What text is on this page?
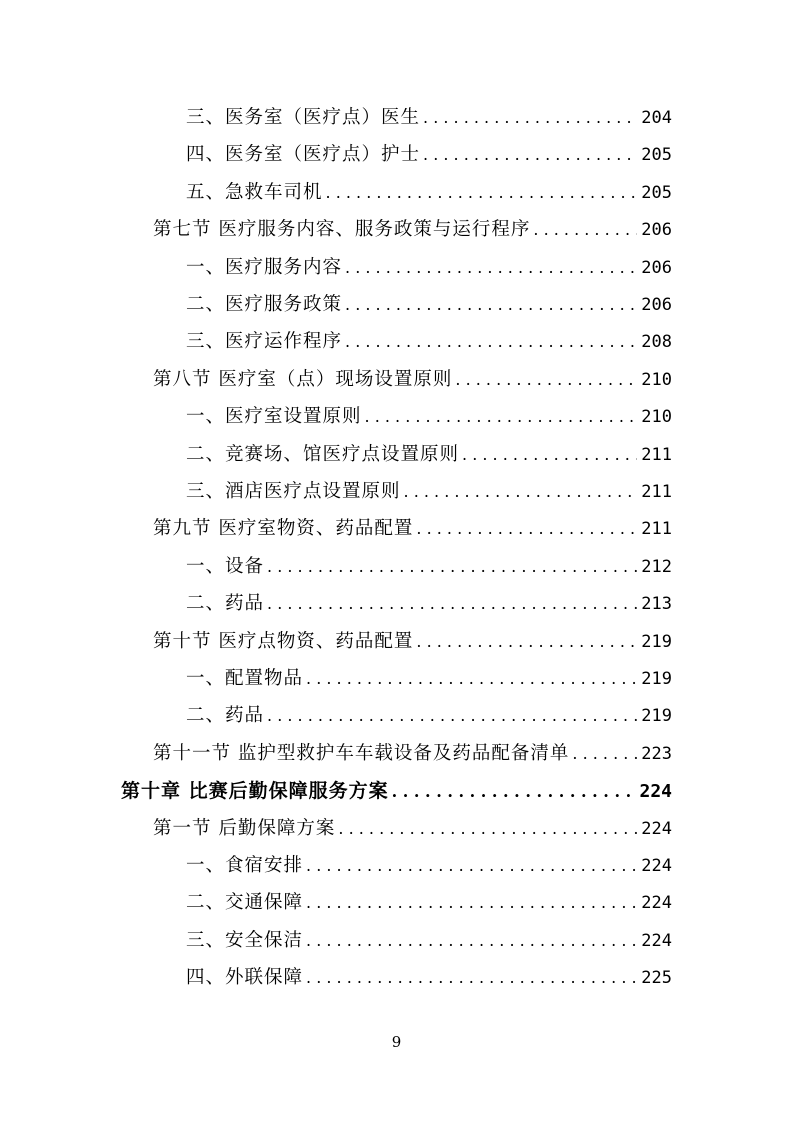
三、医务室（医疗点）医生 . . .	204
四、医务室（医疗点）护士 . . .	205
五、急救车司机 . . .	205
第七节 医疗服务内容、服务政策与运行程序 . . .	206
一、医疗服务内容 . . .	206
二、医疗服务政策 . . .	206
三、医疗运作程序 . . .	208
第八节 医疗室（点）现场设置原则 . . .	210
一、医疗室设置原则 . . .	210
二、竞赛场、馆医疗点设置原则 . . .	211
三、酒店医疗点设置原则 . . .	211
第九节 医疗室物资、药品配置 . . .	211
一、设备 . . .	212
二、药品 . . .	213
第十节 医疗点物资、药品配置 . . .	219
一、配置物品 . . .	219
二、药品 . . .	219
第十一节 监护型救护车车载设备及药品配备清单 . . .	223
第十章 比赛后勤保障服务方案 . . .	224
第一节 后勤保障方案 . . .	224
一、食宿安排 . . .	224
二、交通保障 . . .	224
三、安全保洁 . . .	224
四、外联保障 . . .	225
9
